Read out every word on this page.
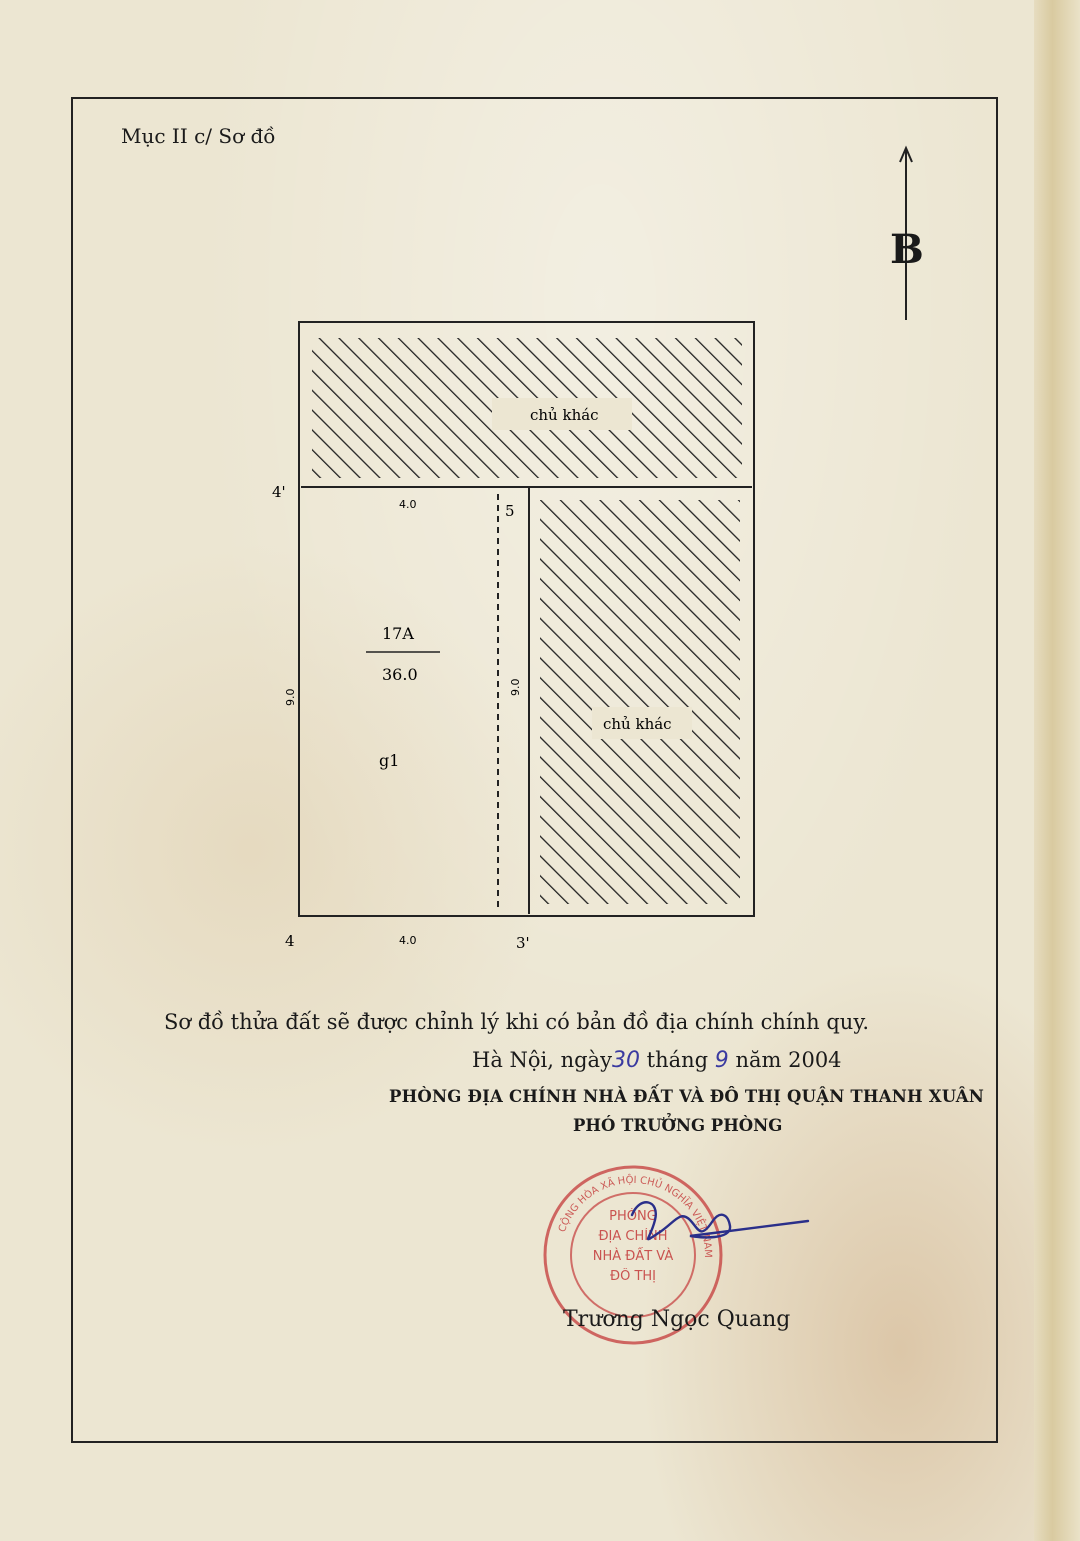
Mục II c/ Sơ đồ
chủ khác
chủ khác
4'
5
4	3'
4.0
4.0
9.0
9.0
17A
36.0
g1
B
Sơ đồ thửa đất sẽ được chỉnh lý khi có bản đồ địa chính chính quy.
Hà Nội, ngày30 tháng 9 năm 2004
PHÒNG ĐỊA CHÍNH NHÀ ĐẤT VÀ ĐÔ THỊ QUẬN THANH XUÂN
PHÓ TRƯỞNG PHÒNG
CỘNG HÒA XÃ HỘI CHỦ NGHĨA VIỆT NAM
PHÒNG
ĐỊA CHÍNH
NHÀ ĐẤT VÀ
ĐÔ THỊ
Trương Ngọc Quang
